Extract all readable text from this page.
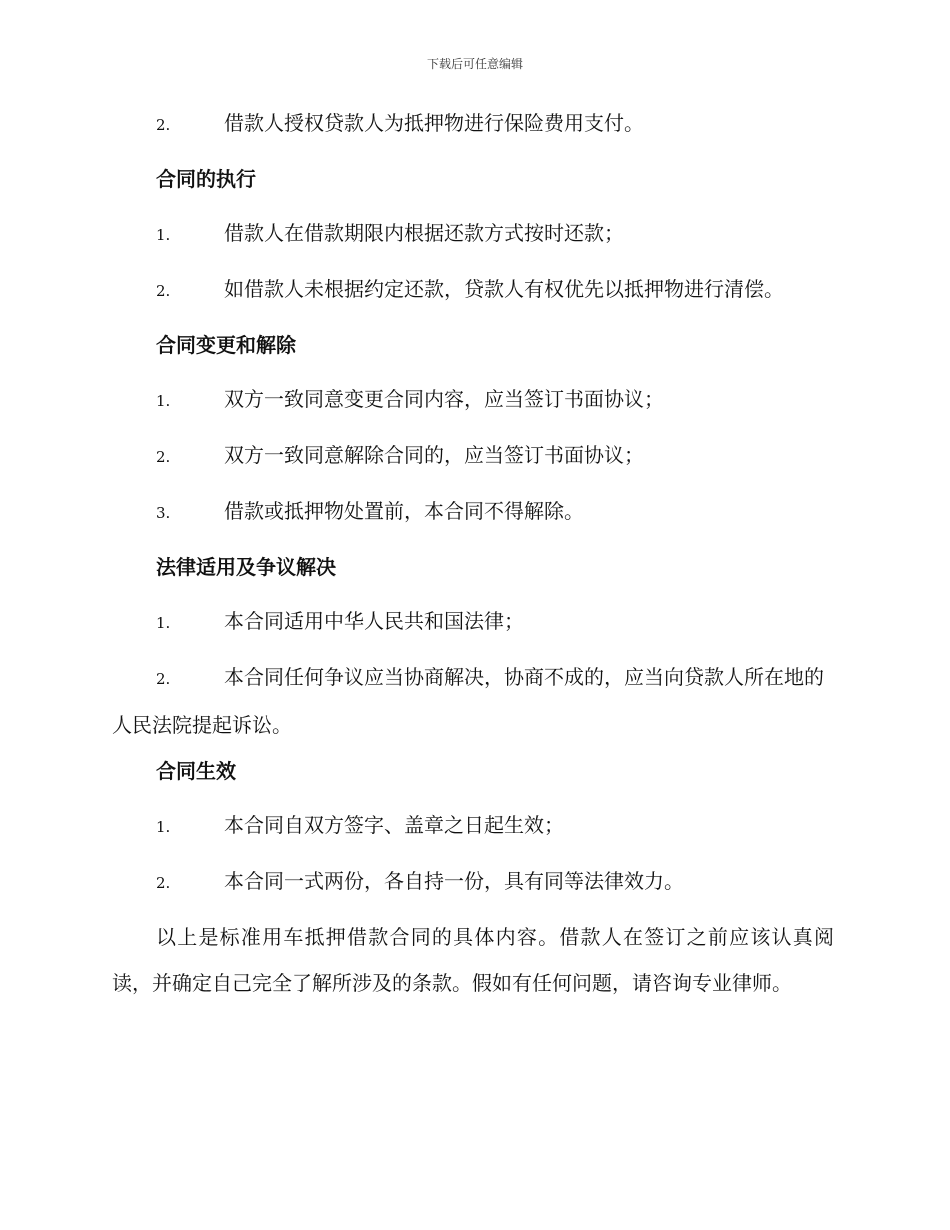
下载后可任意编辑
2.	借款人授权贷款人为抵押物进行保险费用支付。
合同的执行
1.	借款人在借款期限内根据还款方式按时还款；
2.	如借款人未根据约定还款，贷款人有权优先以抵押物进行清偿。
合同变更和解除
1.	双方一致同意变更合同内容，应当签订书面协议；
2.	双方一致同意解除合同的，应当签订书面协议；
3.	借款或抵押物处置前，本合同不得解除。
法律适用及争议解决
1.	本合同适用中华人民共和国法律；
2.	本合同任何争议应当协商解决，协商不成的，应当向贷款人所在地的人民法院提起诉讼。
合同生效
1.	本合同自双方签字、盖章之日起生效；
2.	本合同一式两份，各自持一份，具有同等法律效力。
以上是标准用车抵押借款合同的具体内容。借款人在签订之前应该认真阅读，并确定自己完全了解所涉及的条款。假如有任何问题，请咨询专业律师。
